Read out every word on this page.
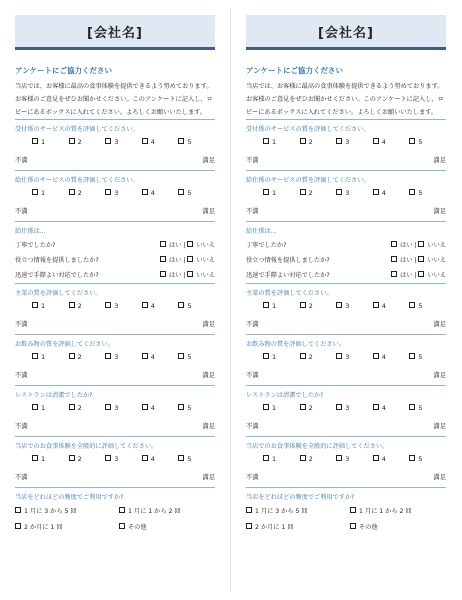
[会社名]
アンケートにご協力ください
当店では、お客様に最高の食事体験を提供できるよう努めております。お客様のご意見をぜひお聞かせください。このアンケートに記入し、ロビーにあるボックスに入れてください。よろしくお願いいたします。
受付係のサービスの質を評価してください。
1	2	3	4	5
不満	満足
給仕係のサービスの質を評価してください。
1	2	3	4	5
不満	満足
給仕係は...
丁寧でしたか?	はい | いいえ
役立つ情報を提供しましたか?	はい | いいえ
迅速で手際よい対応でしたか?	はい | いいえ
主菜の質を評価してください。
1	2	3	4	5
不満	満足
お飲み物の質を評価してください。
1	2	3	4	5
不満	満足
レストランは清潔でしたか?
1	2	3	4	5
不満	満足
当店でのお食事体験を全般的に評価してください。
1	2	3	4	5
不満	満足
当店をどれほどの頻度でご利用ですか?
1 月に 3 から 5 回	1 月に 1 から 2 回
2 か月に 1 回	その他
[会社名]
アンケートにご協力ください
当店では、お客様に最高の食事体験を提供できるよう努めております。お客様のご意見をぜひお聞かせください。このアンケートに記入し、ロビーにあるボックスに入れてください。よろしくお願いいたします。
受付係のサービスの質を評価してください。
1	2	3	4	5
不満	満足
給仕係のサービスの質を評価してください。
1	2	3	4	5
不満	満足
給仕係は...
丁寧でしたか?	はい | いいえ
役立つ情報を提供しましたか?	はい | いいえ
迅速で手際よい対応でしたか?	はい | いいえ
主菜の質を評価してください。
1	2	3	4	5
不満	満足
お飲み物の質を評価してください。
1	2	3	4	5
不満	満足
レストランは清潔でしたか?
1	2	3	4	5
不満	満足
当店でのお食事体験を全般的に評価してください。
1	2	3	4	5
不満	満足
当店をどれほどの頻度でご利用ですか?
1 月に 3 から 5 回	1 月に 1 から 2 回
2 か月に 1 回	その他
